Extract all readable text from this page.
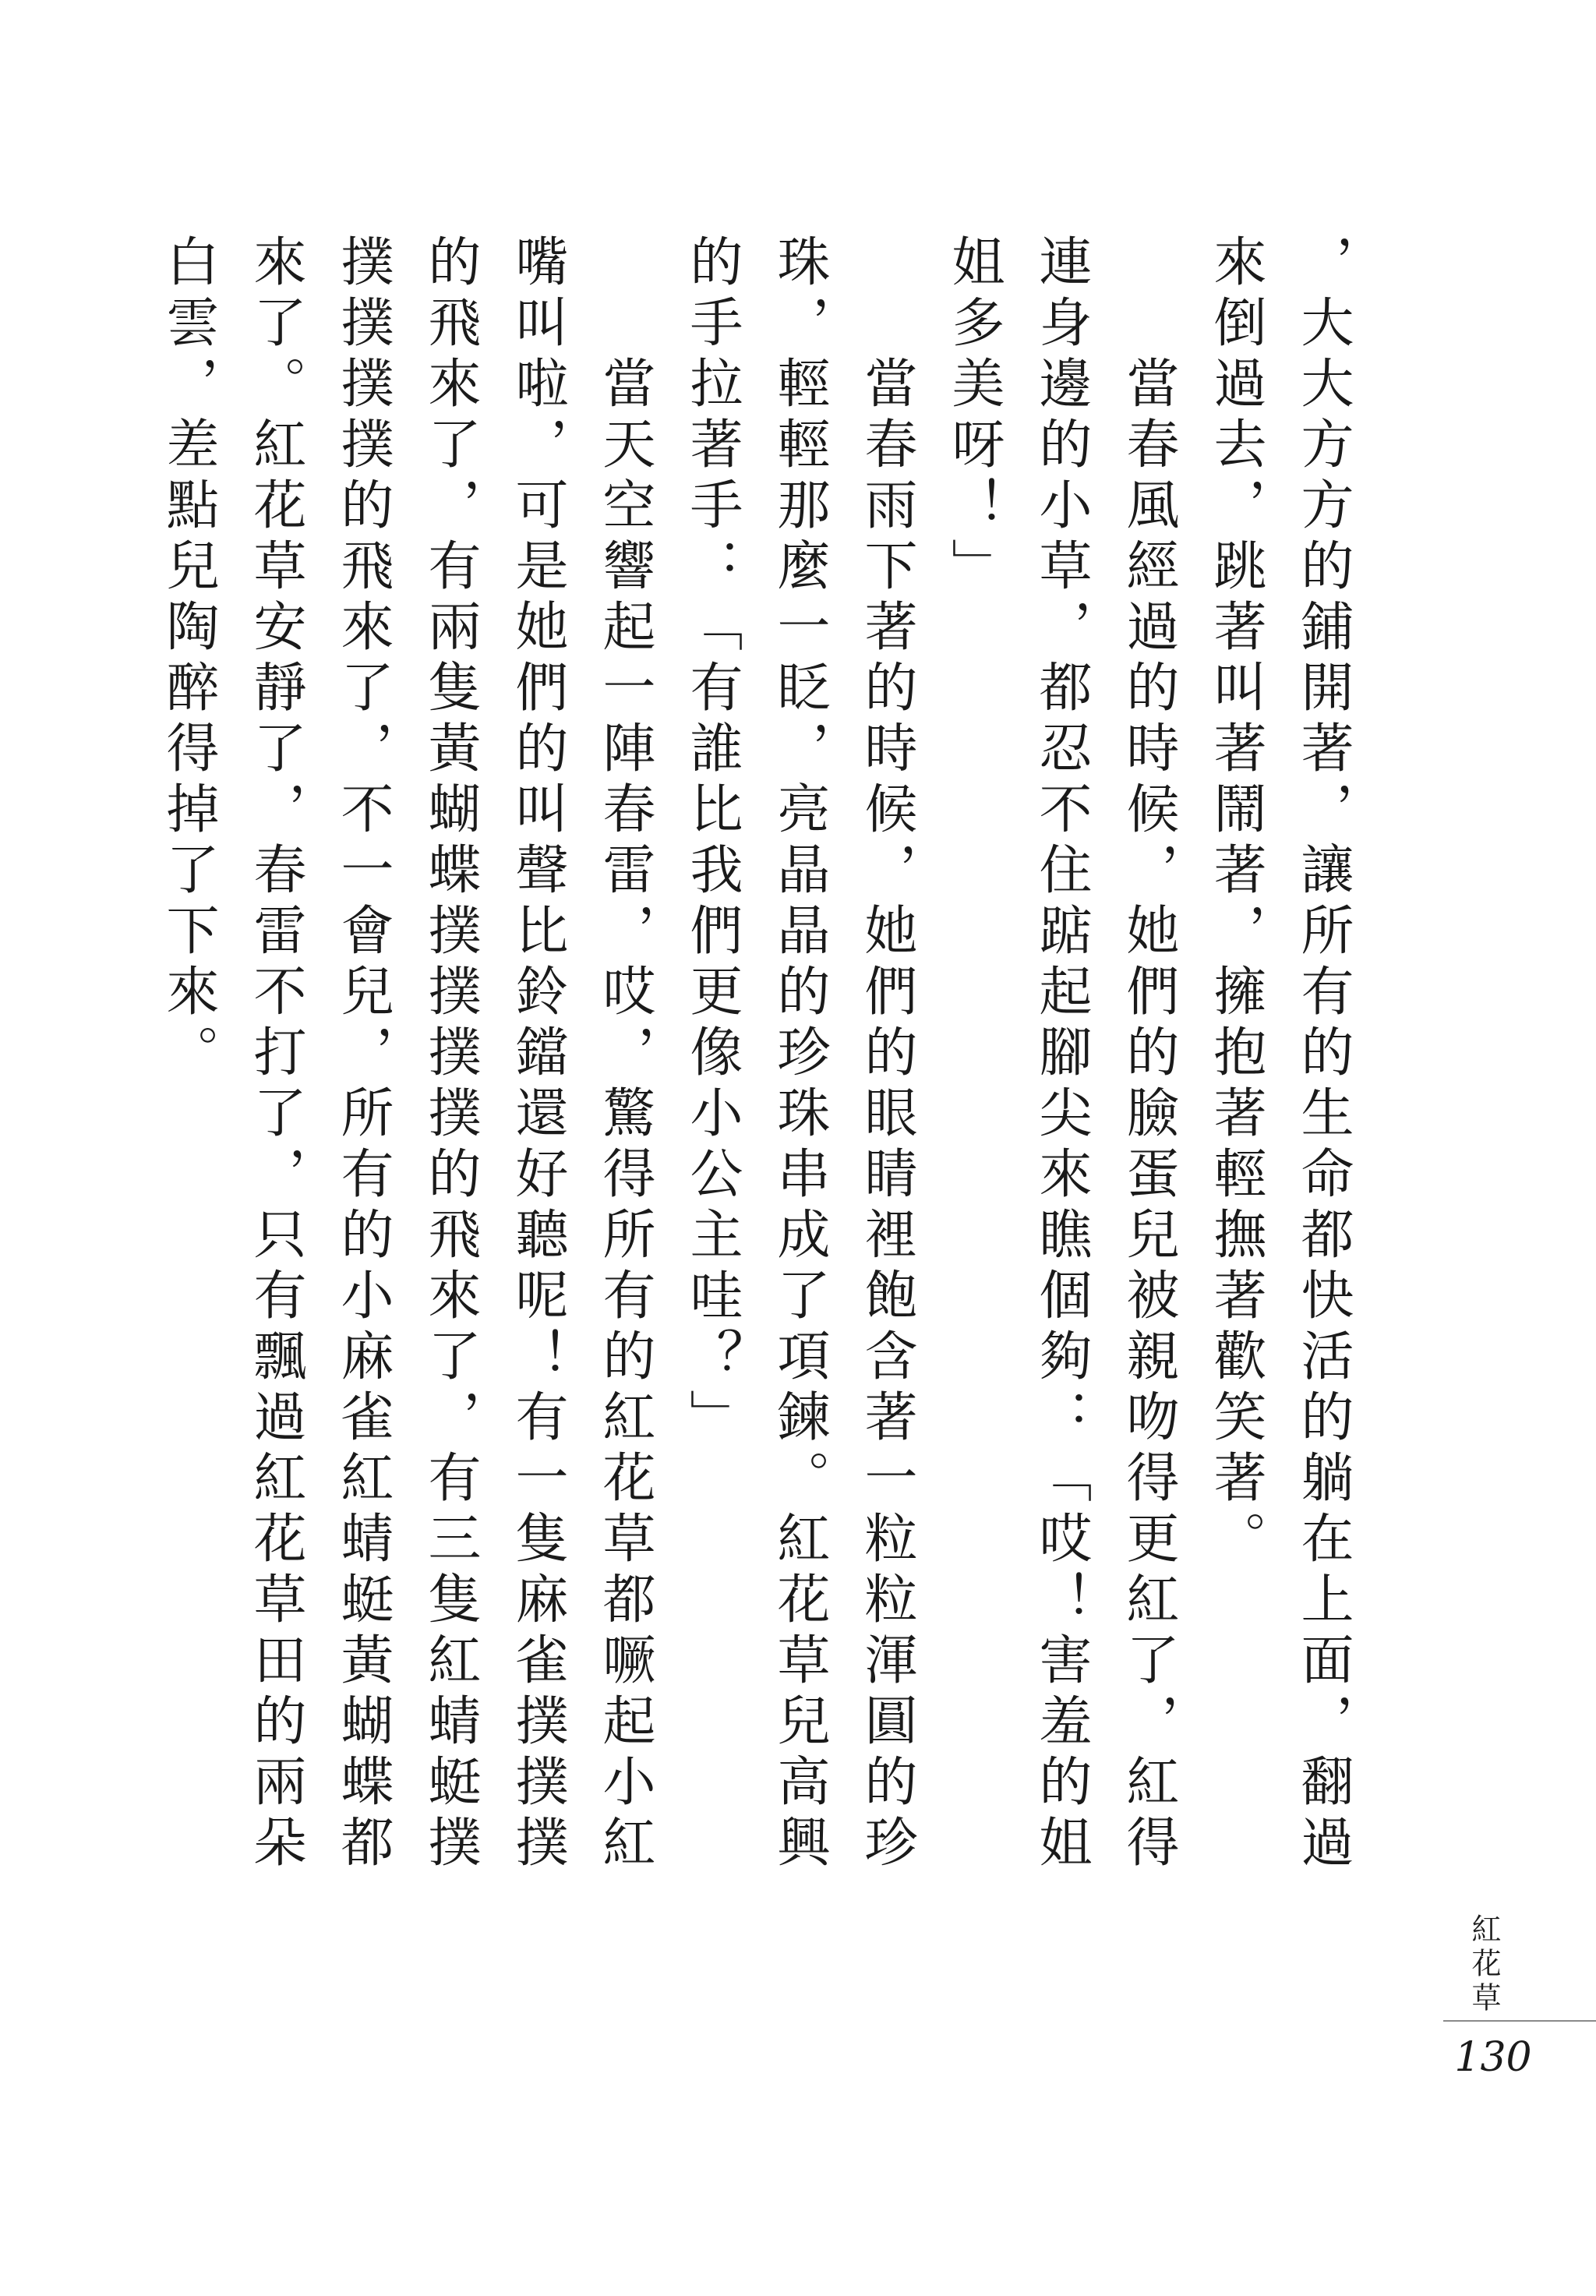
，大大方方的鋪開著，讓所有的生命都快活的躺在上面，翻過來倒過去，跳著叫著鬧著，擁抱著輕撫著歡笑著。

　　當春風經過的時候，她們的臉蛋兒被親吻得更紅了，紅得連身邊的小草，都忍不住踮起腳尖來瞧個夠：「哎！害羞的姐姐多美呀！」

　　當春雨下著的時候，她們的眼睛裡飽含著一粒粒渾圓的珍珠，輕輕那麼一眨，亮晶晶的珍珠串成了項鍊。紅花草兒高興的手拉著手：「有誰比我們更像小公主哇？」

　　當天空響起一陣春雷，哎，驚得所有的紅花草都噘起小紅嘴叫啦，可是她們的叫聲比鈴鐺還好聽呢！有一隻麻雀撲撲撲的飛來了，有兩隻黃蝴蝶撲撲撲撲的飛來了，有三隻紅蜻蜓撲撲撲撲撲的飛來了，不一會兒，所有的小麻雀紅蜻蜓黃蝴蝶都來了。紅花草安靜了，春雷不打了，只有飄過紅花草田的兩朵白雲，差點兒陶醉得掉了下來。

紅花草
130
